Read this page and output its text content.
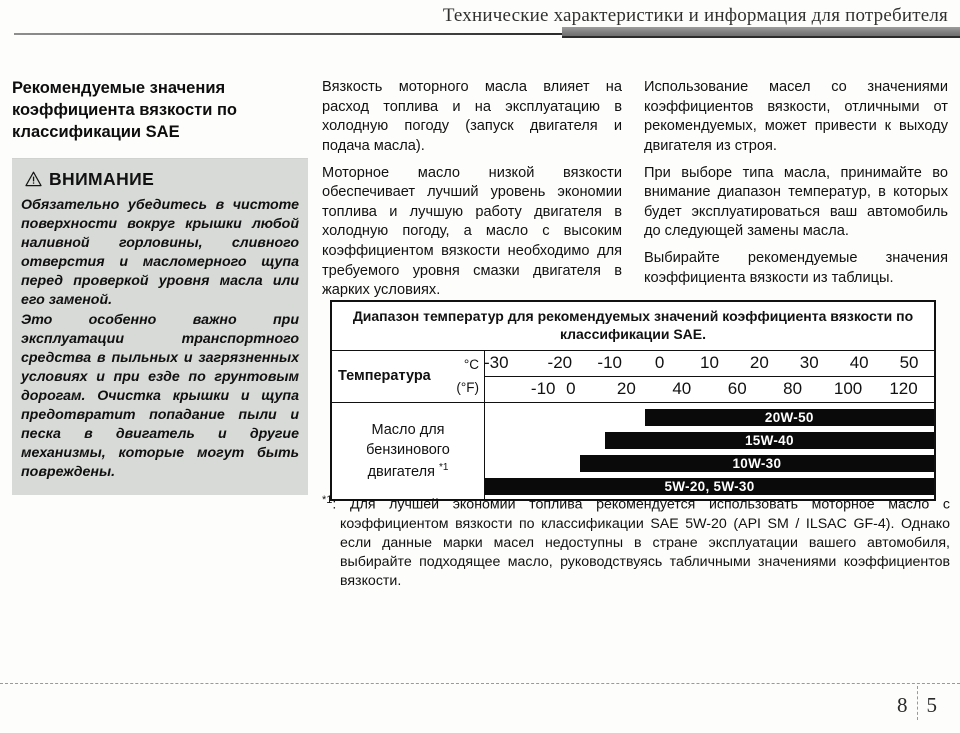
Технические характеристики и информация для потребителя
Рекомендуемые значения коэффициента вязкости по классификации SAE
ВНИМАНИЕ

Обязательно убедитесь в чистоте поверхности вокруг крышки любой наливной горловины, сливного отверстия и масломерного щупа перед проверкой уровня масла или его заменой.

Это особенно важно при эксплуатации транспортного средства в пыльных и загрязненных условиях и при езде по грунтовым дорогам. Очистка крышки и щупа предотвратит попадание пыли и песка в двигатель и другие механизмы, которые могут быть повреждены.

Вязкость моторного масла влияет на расход топлива и на эксплуатацию в холодную погоду (запуск двигателя и подача масла).

Моторное масло низкой вязкости обеспечивает лучший уровень экономии топлива и лучшую работу двигателя в холодную погоду, а масло с высоким коэффициентом вязкости необходимо для требуемого уровня смазки двигателя в жарких условиях.

Использование масел со значениями коэффициентов вязкости, отличными от рекомендуемых, может привести к выходу двигателя из строя.

При выборе типа масла, принимайте во внимание диапазон температур, в которых будет эксплуатироваться ваш автомобиль до следующей замены масла.

Выбирайте рекомендуемые значения коэффициента вязкости из таблицы.

Диапазон температур для рекомендуемых значений коэффициента вязкости по классификации SAE.
Температура
°C
(°F)
-30 -20 -10 0 10 20 30 40 50
-10 0 20 40 60 80 100 120
Масло для бензинового двигателя $^{*1}$
20W-50
15W-40
10W-30
5W-20, 5W-30
$^{*1}$: Для лучшей экономии топлива рекомендуется использовать моторное масло с коэффициентом вязкости по классификации SAE 5W-20 (API SM / ILSAC GF-4). Однако если данные марки масел недоступны в стране эксплуатации вашего автомобиля, выбирайте подходящее масло, руководствуясь табличными значениями коэффициентов вязкости.
8 5
